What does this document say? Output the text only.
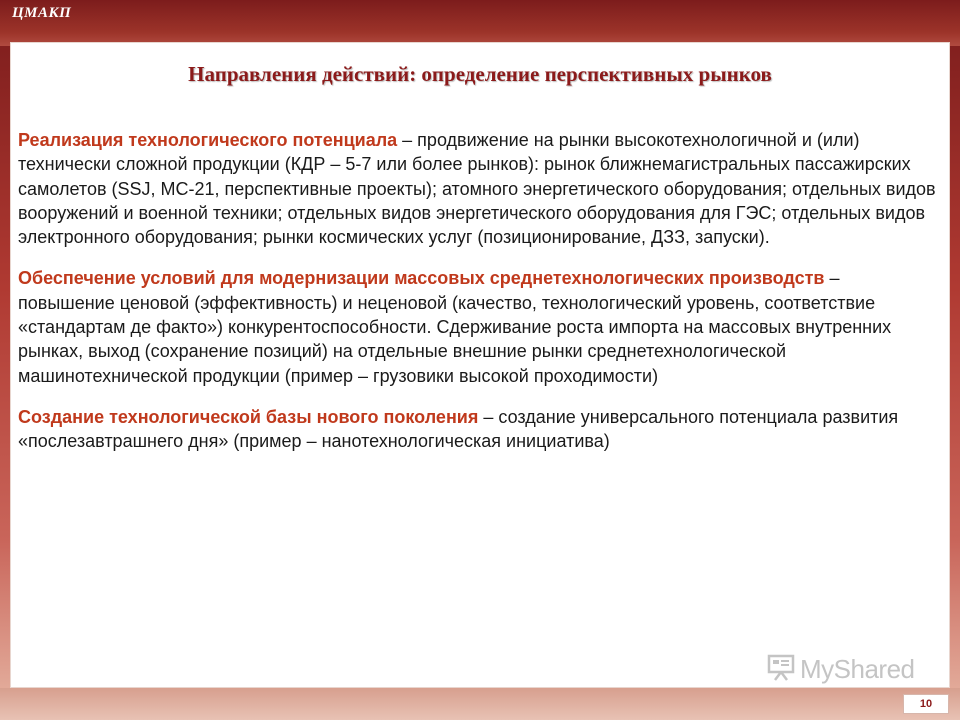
ЦМАКП
Направления действий: определение перспективных рынков

Реализация технологического потенциала – продвижение на рынки высокотехнологичной и (или) технически сложной продукции (КДР – 5-7 или более рынков): рынок ближнемагистральных пассажирских самолетов (SSJ, МС-21, перспективные проекты); атомного энергетического оборудования; отдельных видов вооружений и военной техники; отдельных видов энергетического оборудования для ГЭС; отдельных видов электронного оборудования; рынки космических услуг (позиционирование, ДЗЗ, запуски).

Обеспечение условий для модернизации массовых среднетехнологических производств – повышение ценовой (эффективность) и неценовой (качество, технологический уровень, соответствие «стандартам де факто») конкурентоспособности. Сдерживание роста импорта на массовых внутренних рынках, выход (сохранение позиций) на отдельные внешние рынки среднетехнологической машинотехнической продукции (пример – грузовики высокой проходимости)

Создание технологической базы нового поколения – создание универсального потенциала развития «послезавтрашнего дня» (пример – нанотехнологическая инициатива)

MyShared
10
